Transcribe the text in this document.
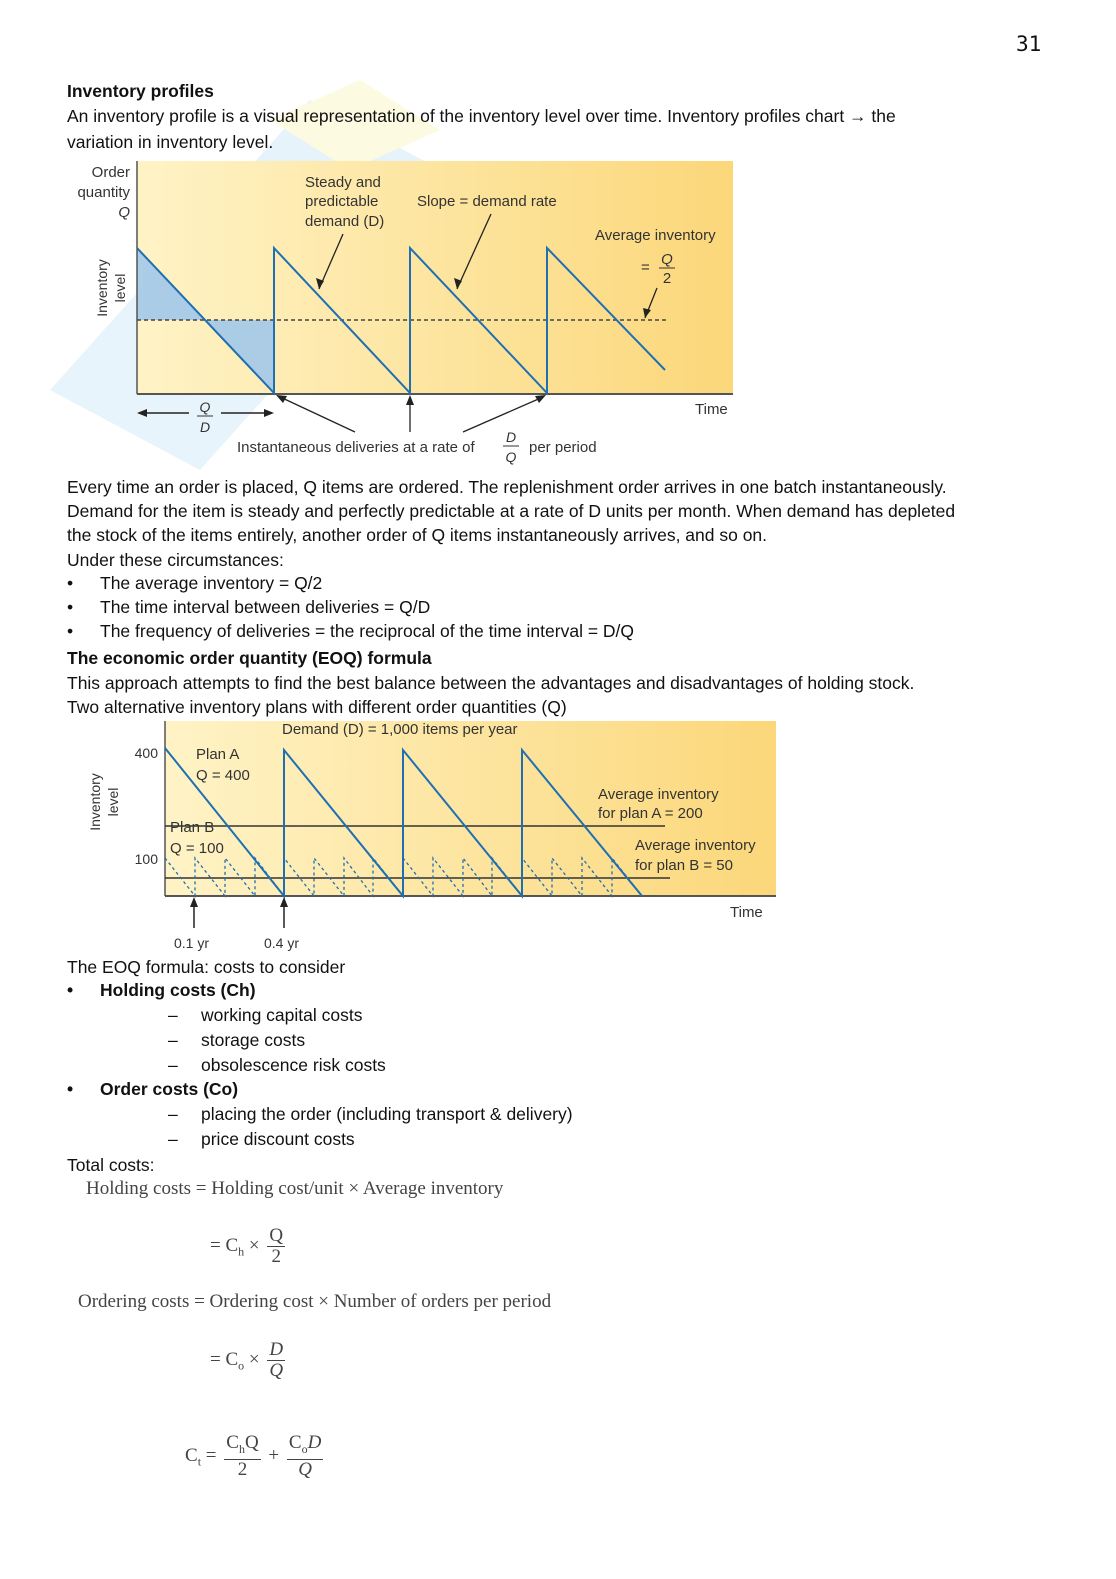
31
Inventory profiles
An inventory profile is a visual representation of the inventory level over time. Inventory profiles chart → the
variation in inventory level.
Order
quantity
Q
Inventory level
Steady and
predictable
demand (D)
Slope = demand rate
Average inventory
= Q
2
Time
Q
D
Instantaneous deliveries at a rate of
D
Q
per period
Every time an order is placed, Q items are ordered. The replenishment order arrives in one batch instantaneously.
Demand for the item is steady and perfectly predictable at a rate of D units per month. When demand has depleted
the stock of the items entirely, another order of Q items instantaneously arrives, and so on.
Under these circumstances:
• The average inventory = Q/2
• The time interval between deliveries = Q/D
• The frequency of deliveries = the reciprocal of the time interval = D/Q
The economic order quantity (EOQ) formula
This approach attempts to find the best balance between the advantages and disadvantages of holding stock.
Two alternative inventory plans with different order quantities (Q)
Demand (D) = 1,000 items per year
Inventory level
400
100
Plan A
Q = 400
Plan B
Q = 100
Average inventory
for plan A = 200
Average inventory
for plan B = 50
Time
0.1 yr	0.4 yr
The EOQ formula: costs to consider
• Holding costs (Ch)
– working capital costs
– storage costs
– obsolescence risk costs
• Order costs (Co)
– placing the order (including transport & delivery)
– price discount costs
Total costs:
Holding costs = Holding cost/unit × Average inventory
= $C_h \times \frac{Q}{2}$
Ordering costs = Ordering cost × Number of orders per period
= $C_o \times \frac{D}{Q}$
$C_t = \frac{C_hQ}{2} + \frac{C_oD}{Q}$
